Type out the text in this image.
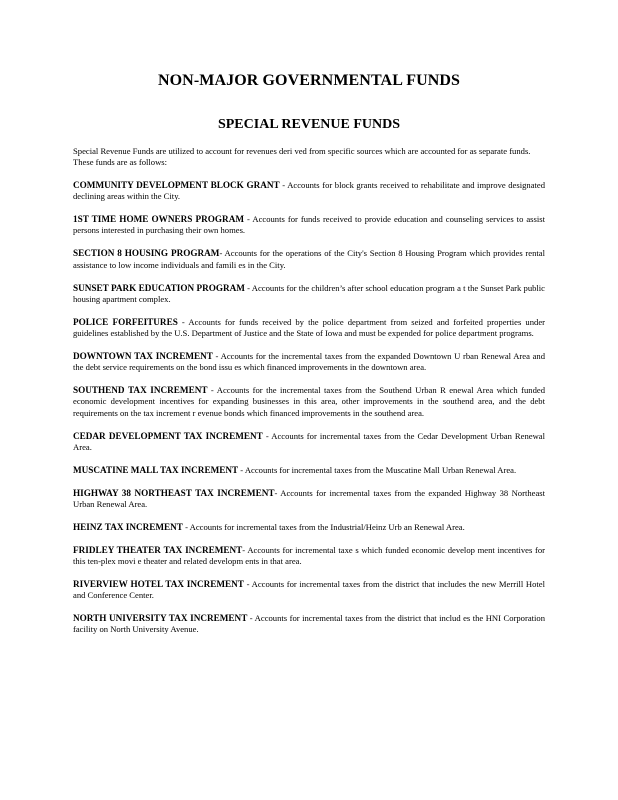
NON-MAJOR GOVERNMENTAL FUNDS
SPECIAL REVENUE FUNDS
Special Revenue Funds are utilized to account for revenues deri ved from specific sources which are accounted for as separate funds. These funds are as follows:

COMMUNITY DEVELOPMENT BLOCK GRANT - Accounts for block grants received to rehabilitate and improve designated declining areas within the City.

1ST TIME HOME OWNERS PROGRAM - Accounts for funds received to provide education and counseling services to assist persons interested in purchasing their own homes.

SECTION 8 HOUSING PROGRAM- Accounts for the operations of the City's Section 8 Housing Program which provides rental assistance to low income individuals and famili es in the City.

SUNSET PARK EDUCATION PROGRAM - Accounts for the children’s after school education program a t the Sunset Park public housing apartment complex.

POLICE FORFEITURES - Accounts for funds received by the police department from seized and forfeited properties under guidelines established by the U.S. Department of Justice and the State of Iowa and must be expended for police department programs.

DOWNTOWN TAX INCREMENT - Accounts for the incremental taxes from the expanded Downtown U rban Renewal Area and the debt service requirements on the bond issu es which financed improvements in the downtown area.

SOUTHEND TAX INCREMENT - Accounts for the incremental taxes from the Southend Urban R enewal Area which funded economic development incentives for expanding businesses in this area, other improvements in the southend area, and the debt requirements on the tax increment r evenue bonds which financed improvements in the southend area.

CEDAR DEVELOPMENT TAX INCREMENT - Accounts for incremental taxes from the Cedar Development Urban Renewal Area.

MUSCATINE MALL TAX INCREMENT - Accounts for incremental taxes from the Muscatine Mall Urban Renewal Area.

HIGHWAY 38 NORTHEAST TAX INCREMENT- Accounts for incremental taxes from the expanded Highway 38 Northeast Urban Renewal Area.

HEINZ TAX INCREMENT - Accounts for incremental taxes from the Industrial/Heinz Urb an Renewal Area.

FRIDLEY THEATER TAX INCREMENT- Accounts for incremental taxe s which funded economic develop ment incentives for this ten-plex movi e theater and related developm ents in that area.

RIVERVIEW HOTEL TAX INCREMENT - Accounts for incremental taxes from the district that includes the new Merrill Hotel and Conference Center.

NORTH UNIVERSITY TAX INCREMENT - Accounts for incremental taxes from the district that includ es the HNI Corporation facility on North University Avenue.
